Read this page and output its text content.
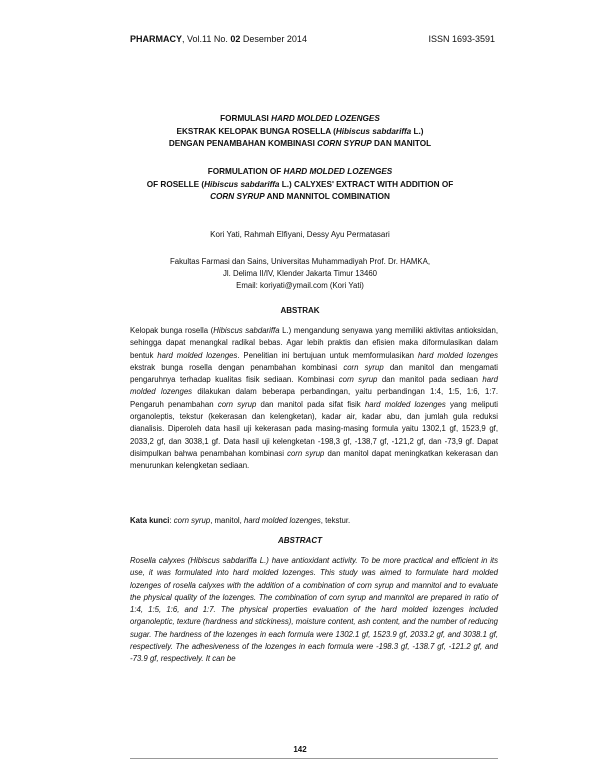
PHARMACY, Vol.11 No. 02 Desember 2014	ISSN 1693-3591
FORMULASI HARD MOLDED LOZENGES
EKSTRAK KELOPAK BUNGA ROSELLA (Hibiscus sabdariffa L.)
DENGAN PENAMBAHAN KOMBINASI CORN SYRUP DAN MANITOL
FORMULATION OF HARD MOLDED LOZENGES
OF ROSELLE (Hibiscus sabdariffa L.) CALYXES' EXTRACT WITH ADDITION OF
CORN SYRUP AND MANNITOL COMBINATION
Kori Yati, Rahmah Elfiyani, Dessy Ayu Permatasari
Fakultas Farmasi dan Sains, Universitas Muhammadiyah Prof. Dr. HAMKA,
Jl. Delima II/IV, Klender Jakarta Timur 13460
Email: koriyati@ymail.com (Kori Yati)
ABSTRAK
Kelopak bunga rosella (Hibiscus sabdariffa L.) mengandung senyawa yang memiliki aktivitas antioksidan, sehingga dapat menangkal radikal bebas. Agar lebih praktis dan efisien maka diformulasikan dalam bentuk hard molded lozenges. Penelitian ini bertujuan untuk memformulasikan hard molded lozenges ekstrak bunga rosella dengan penambahan kombinasi corn syrup dan manitol dan mengamati pengaruhnya terhadap kualitas fisik sediaan. Kombinasi corn syrup dan manitol pada sediaan hard molded lozenges dilakukan dalam beberapa perbandingan, yaitu perbandingan 1:4, 1:5, 1:6, 1:7. Pengaruh penambahan corn syrup dan manitol pada sifat fisik hard molded lozenges yang meliputi organoleptis, tekstur (kekerasan dan kelengketan), kadar air, kadar abu, dan jumlah gula reduksi dianalisis. Diperoleh data hasil uji kekerasan pada masing-masing formula yaitu 1302,1 gf, 1523,9 gf, 2033,2 gf, dan 3038,1 gf. Data hasil uji kelengketan -198,3 gf, -138,7 gf, -121,2 gf, dan -73,9 gf. Dapat disimpulkan bahwa penambahan kombinasi corn syrup dan manitol dapat meningkatkan kekerasan dan menurunkan kelengketan sediaan.
Kata kunci: corn syrup, manitol, hard molded lozenges, tekstur.
ABSTRACT
Rosella calyxes (Hibiscus sabdariffa L.) have antioxidant activity. To be more practical and efficient in its use, it was formulated into hard molded lozenges. This study was aimed to formulate hard molded lozenges of rosella calyxes with the addition of a combination of corn syrup and mannitol and to evaluate the physical quality of the lozenges. The combination of corn syrup and mannitol are prepared in ratio of 1:4, 1:5, 1:6, and 1:7. The physical properties evaluation of the hard molded lozenges included organoleptic, texture (hardness and stickiness), moisture content, ash content, and the number of reducing sugar. The hardness of the lozenges in each formula were 1302.1 gf, 1523.9 gf, 2033.2 gf, and 3038.1 gf, respectively. The adhesiveness of the lozenges in each formula were -198.3 gf, -138.7 gf, -121.2 gf, and -73.9 gf, respectively. It can be
142
